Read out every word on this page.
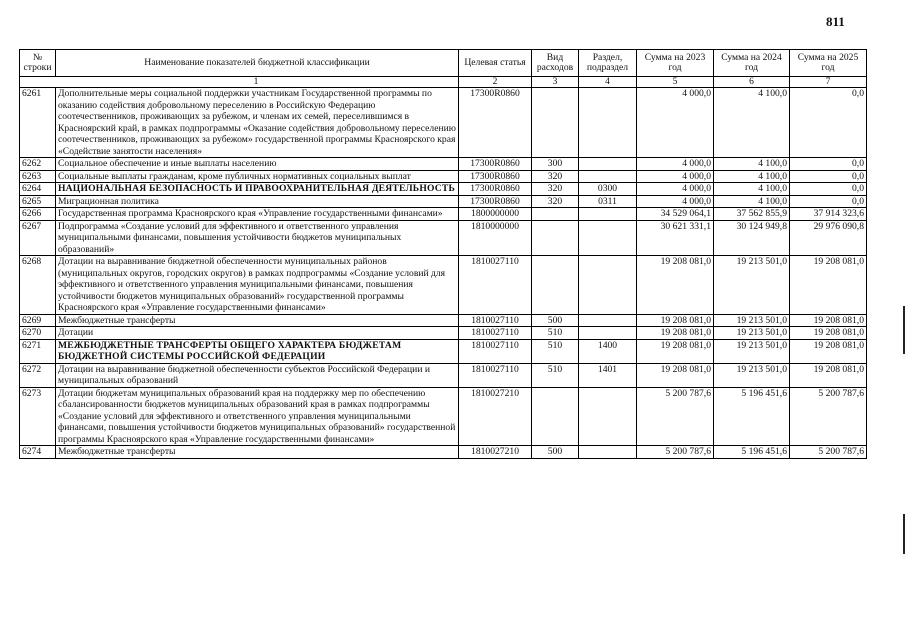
811
№ строки	Наименование показателей бюджетной классификации	Целевая статья	Вид расходов	Раздел, подраздел	Сумма на 2023 год	Сумма на 2024 год	Сумма на 2025 год
1		2	3	4	5	6	7
6261	Дополнительные меры социальной поддержки участникам Государственной программы по оказанию содействия добровольному переселению в Российскую Федерацию соотечественников, проживающих за рубежом, и членам их семей, переселившимся в Красноярский край, в рамках подпрограммы «Оказание содействия добровольному переселению соотечественников, проживающих за рубежом» государственной программы Красноярского края «Содействие занятости населения»	17300R0860			4 000,0	4 100,0	0,0
6262	Социальное обеспечение и иные выплаты населению	17300R0860	300		4 000,0	4 100,0	0,0
6263	Социальные выплаты гражданам, кроме публичных нормативных социальных выплат	17300R0860	320		4 000,0	4 100,0	0,0
6264	НАЦИОНАЛЬНАЯ БЕЗОПАСНОСТЬ И ПРАВООХРАНИТЕЛЬНАЯ ДЕЯТЕЛЬНОСТЬ	17300R0860	320	0300	4 000,0	4 100,0	0,0
6265	Миграционная политика	17300R0860	320	0311	4 000,0	4 100,0	0,0
6266	Государственная программа Красноярского края «Управление государственными финансами»	1800000000			34 529 064,1	37 562 855,9	37 914 323,6
6267	Подпрограмма «Создание условий для эффективного и ответственного управления муниципальными финансами, повышения устойчивости бюджетов муниципальных образований»	1810000000			30 621 331,1	30 124 949,8	29 976 090,8
6268	Дотации на выравнивание бюджетной обеспеченности муниципальных районов (муниципальных округов, городских округов) в рамках подпрограммы «Создание условий для эффективного и ответственного управления муниципальными финансами, повышения устойчивости бюджетов муниципальных образований» государственной программы Красноярского края «Управление государственными финансами»	1810027110			19 208 081,0	19 213 501,0	19 208 081,0
6269	Межбюджетные трансферты	1810027110	500		19 208 081,0	19 213 501,0	19 208 081,0
6270	Дотации	1810027110	510		19 208 081,0	19 213 501,0	19 208 081,0
6271	МЕЖБЮДЖЕТНЫЕ ТРАНСФЕРТЫ ОБЩЕГО ХАРАКТЕРА БЮДЖЕТАМ БЮДЖЕТНОЙ СИСТЕМЫ РОССИЙСКОЙ ФЕДЕРАЦИИ	1810027110	510	1400	19 208 081,0	19 213 501,0	19 208 081,0
6272	Дотации на выравнивание бюджетной обеспеченности субъектов Российской Федерации и муниципальных образований	1810027110	510	1401	19 208 081,0	19 213 501,0	19 208 081,0
6273	Дотации бюджетам муниципальных образований края на поддержку мер по обеспечению сбалансированности бюджетов муниципальных образований края в рамках подпрограммы «Создание условий для эффективного и ответственного управления муниципальными финансами, повышения устойчивости бюджетов муниципальных образований» государственной программы Красноярского края «Управление государственными финансами»	1810027210			5 200 787,6	5 196 451,6	5 200 787,6
6274	Межбюджетные трансферты	1810027210	500		5 200 787,6	5 196 451,6	5 200 787,6
